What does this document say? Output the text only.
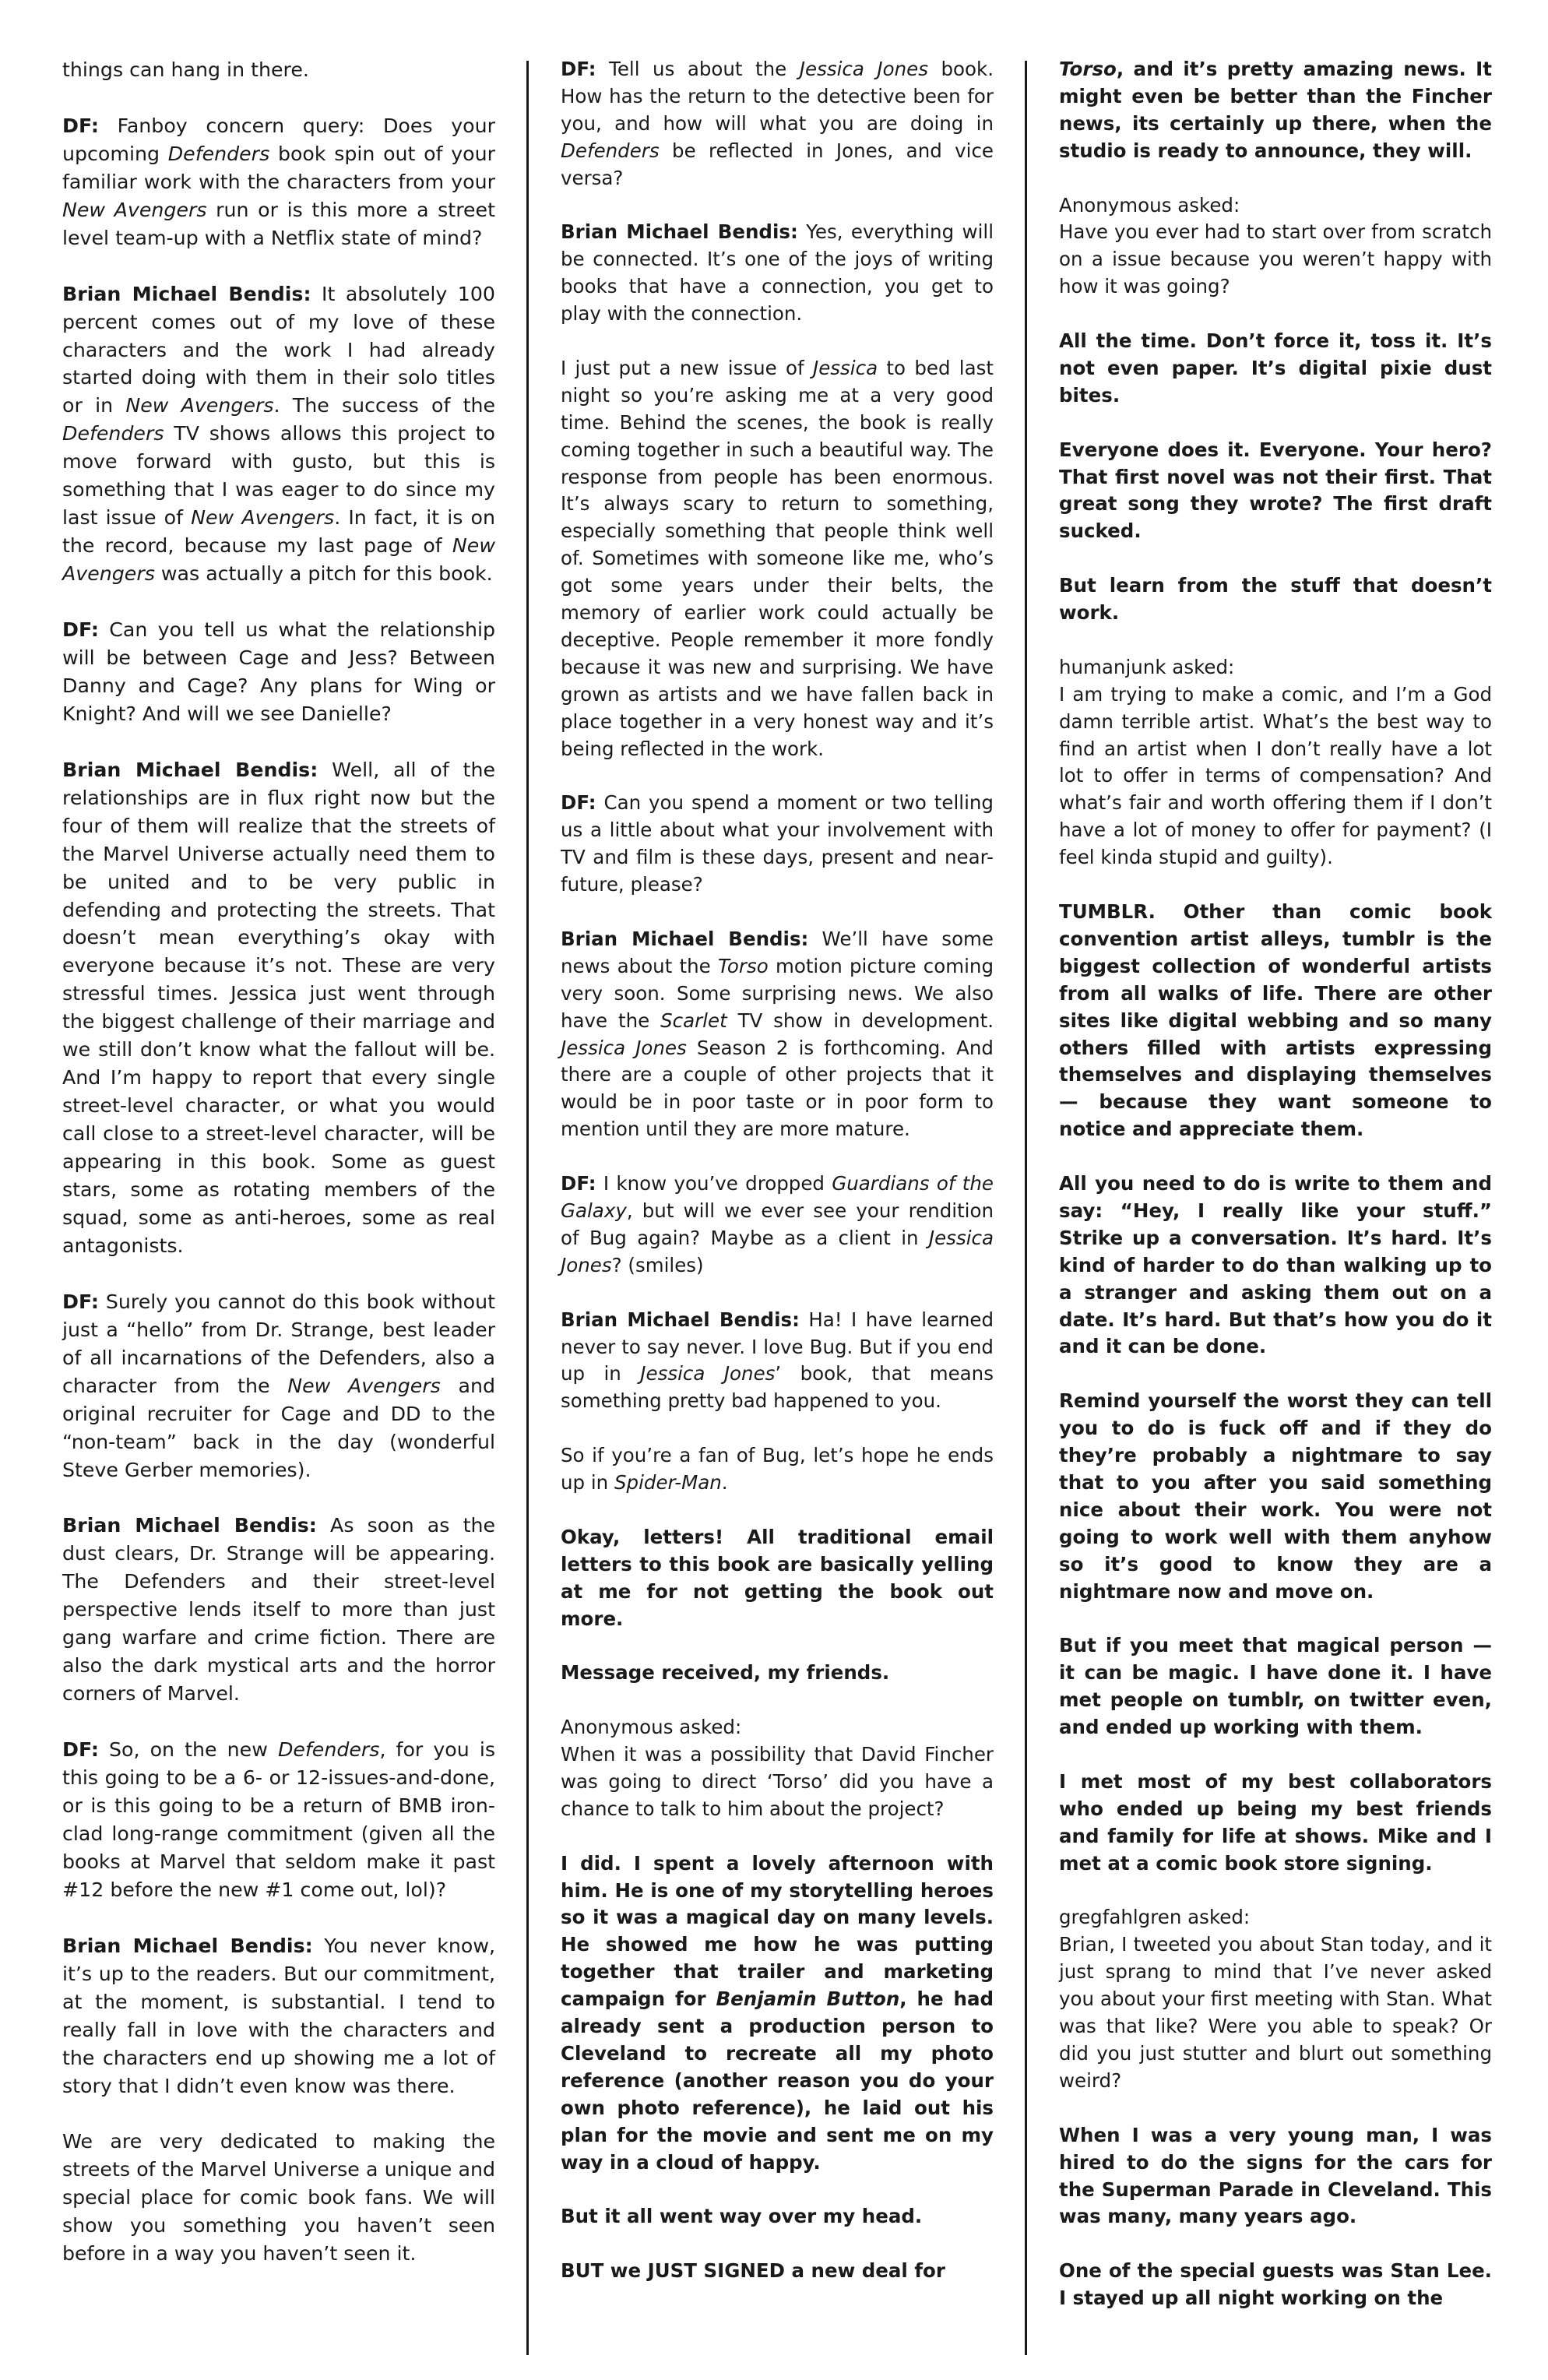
things can hang in there.

DF: Fanboy concern query: Does your upcoming Defenders book spin out of your familiar work with the characters from your New Avengers run or is this more a street level team-up with a Netflix state of mind?

Brian Michael Bendis: It absolutely 100 percent comes out of my love of these characters and the work I had already started doing with them in their solo titles or in New Avengers. The success of the Defenders TV shows allows this project to move forward with gusto, but this is something that I was eager to do since my last issue of New Avengers. In fact, it is on the record, because my last page of New Avengers was actually a pitch for this book.

DF: Can you tell us what the relationship will be between Cage and Jess? Between Danny and Cage? Any plans for Wing or Knight? And will we see Danielle?

Brian Michael Bendis: Well, all of the relationships are in flux right now but the four of them will realize that the streets of the Marvel Universe actually need them to be united and to be very public in defending and protecting the streets. That doesn’t mean everything’s okay with everyone because it’s not. These are very stressful times. Jessica just went through the biggest challenge of their marriage and we still don’t know what the fallout will be. And I’m happy to report that every single street-level character, or what you would call close to a street-level character, will be appearing in this book. Some as guest stars, some as rotating members of the squad, some as anti-heroes, some as real antagonists.

DF: Surely you cannot do this book without just a “hello” from Dr. Strange, best leader of all incarnations of the Defenders, also a character from the New Avengers and original recruiter for Cage and DD to the “non-team” back in the day (wonderful Steve Gerber memories).

Brian Michael Bendis: As soon as the dust clears, Dr. Strange will be appearing. The Defenders and their street-level perspective lends itself to more than just gang warfare and crime fiction. There are also the dark mystical arts and the horror corners of Marvel.

DF: So, on the new Defenders, for you is this going to be a 6- or 12-issues-and-done, or is this going to be a return of BMB iron-clad long-range commitment (given all the books at Marvel that seldom make it past #12 before the new #1 come out, lol)?

Brian Michael Bendis: You never know, it’s up to the readers. But our commitment, at the moment, is substantial. I tend to really fall in love with the characters and the characters end up showing me a lot of story that I didn’t even know was there.

We are very dedicated to making the streets of the Marvel Universe a unique and special place for comic book fans. We will show you something you haven’t seen before in a way you haven’t seen it.

DF: Tell us about the Jessica Jones book. How has the return to the detective been for you, and how will what you are doing in Defenders be reflected in Jones, and vice versa?

Brian Michael Bendis: Yes, everything will be connected. It’s one of the joys of writing books that have a connection, you get to play with the connection.

I just put a new issue of Jessica to bed last night so you’re asking me at a very good time. Behind the scenes, the book is really coming together in such a beautiful way. The response from people has been enormous. It’s always scary to return to something, especially something that people think well of. Sometimes with someone like me, who’s got some years under their belts, the memory of earlier work could actually be deceptive. People remember it more fondly because it was new and surprising. We have grown as artists and we have fallen back in place together in a very honest way and it’s being reflected in the work.

DF: Can you spend a moment or two telling us a little about what your involvement with TV and film is these days, present and near-future, please?

Brian Michael Bendis: We’ll have some news about the Torso motion picture coming very soon. Some surprising news. We also have the Scarlet TV show in development. Jessica Jones Season 2 is forthcoming. And there are a couple of other projects that it would be in poor taste or in poor form to mention until they are more mature.

DF: I know you’ve dropped Guardians of the Galaxy, but will we ever see your rendition of Bug again? Maybe as a client in Jessica Jones? (smiles)

Brian Michael Bendis: Ha! I have learned never to say never. I love Bug. But if you end up in Jessica Jones’ book, that means something pretty bad happened to you.

So if you’re a fan of Bug, let’s hope he ends up in Spider-Man.

Okay, letters! All traditional email letters to this book are basically yelling at me for not getting the book out more.

Message received, my friends.

Anonymous asked:
When it was a possibility that David Fincher was going to direct ‘Torso’ did you have a chance to talk to him about the project?

I did. I spent a lovely afternoon with him. He is one of my storytelling heroes so it was a magical day on many levels. He showed me how he was putting together that trailer and marketing campaign for Benjamin Button, he had already sent a production person to Cleveland to recreate all my photo reference (another reason you do your own photo reference), he laid out his plan for the movie and sent me on my way in a cloud of happy.

But it all went way over my head.

BUT we JUST SIGNED a new deal for

Torso, and it’s pretty amazing news. It might even be better than the Fincher news, its certainly up there, when the studio is ready to announce, they will.

Anonymous asked:
Have you ever had to start over from scratch on a issue because you weren’t happy with how it was going?

All the time. Don’t force it, toss it. It’s not even paper. It’s digital pixie dust bites.

Everyone does it. Everyone. Your hero? That first novel was not their first. That great song they wrote? The first draft sucked.

But learn from the stuff that doesn’t work.

humanjunk asked:
I am trying to make a comic, and I’m a God damn terrible artist. What’s the best way to find an artist when I don’t really have a lot lot to offer in terms of compensation? And what’s fair and worth offering them if I don’t have a lot of money to offer for payment? (I feel kinda stupid and guilty).

TUMBLR. Other than comic book convention artist alleys, tumblr is the biggest collection of wonderful artists from all walks of life. There are other sites like digital webbing and so many others filled with artists expressing themselves and displaying themselves — because they want someone to notice and appreciate them.

All you need to do is write to them and say: “Hey, I really like your stuff.” Strike up a conversation. It’s hard. It’s kind of harder to do than walking up to a stranger and asking them out on a date. It’s hard. But that’s how you do it and it can be done.

Remind yourself the worst they can tell you to do is fuck off and if they do they’re probably a nightmare to say that to you after you said something nice about their work. You were not going to work well with them anyhow so it’s good to know they are a nightmare now and move on.

But if you meet that magical person — it can be magic. I have done it. I have met people on tumblr, on twitter even, and ended up working with them.

I met most of my best collaborators who ended up being my best friends and family for life at shows. Mike and I met at a comic book store signing.

gregfahlgren asked:
Brian, I tweeted you about Stan today, and it just sprang to mind that I’ve never asked you about your first meeting with Stan. What was that like? Were you able to speak? Or did you just stutter and blurt out something weird?

When I was a very young man, I was hired to do the signs for the cars for the Superman Parade in Cleveland. This was many, many years ago.

One of the special guests was Stan Lee. I stayed up all night working on the
